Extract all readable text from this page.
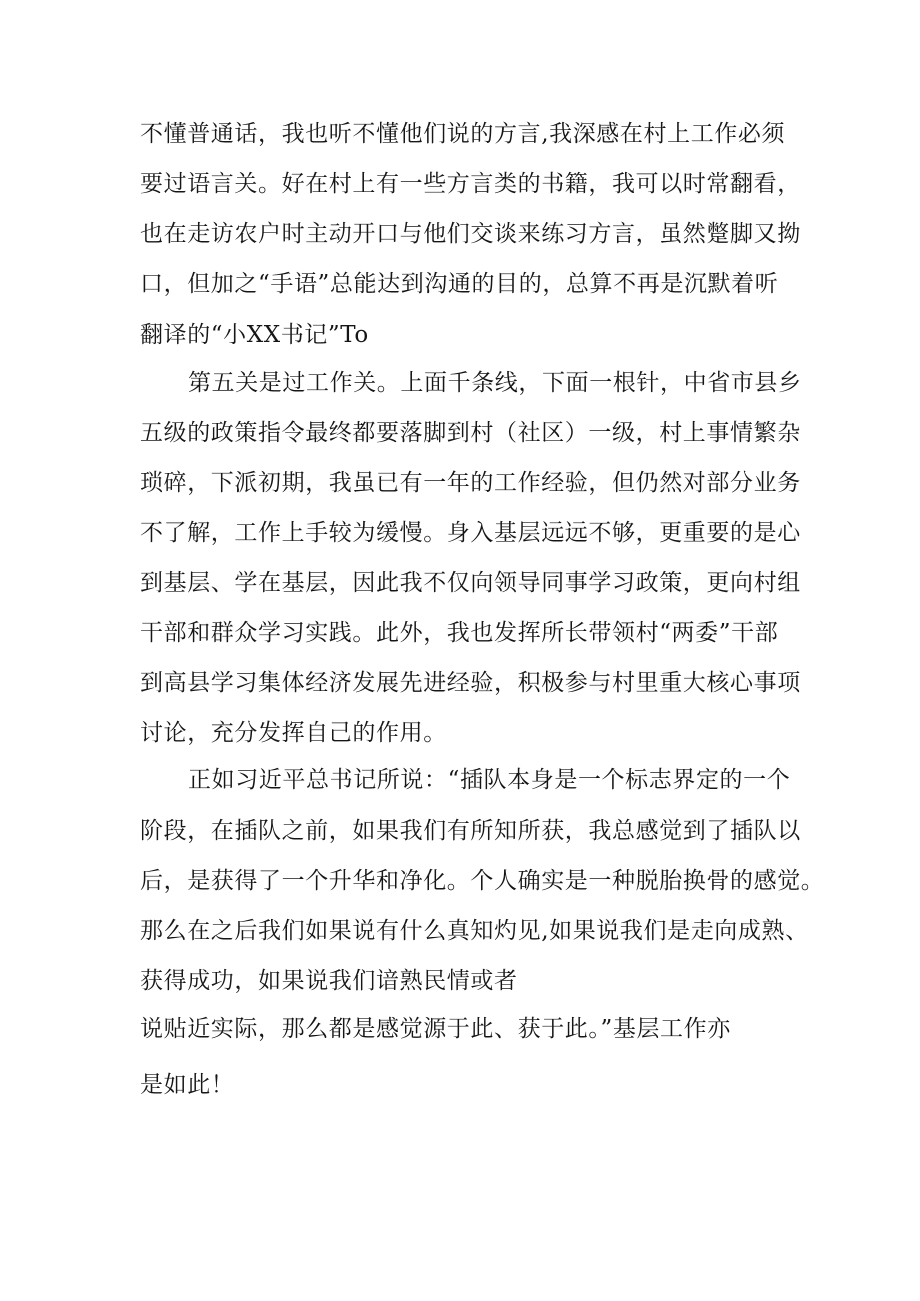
不懂普通话，我也听不懂他们说的方言,我深感在村上工作必须
要过语言关。好在村上有一些方言类的书籍，我可以时常翻看，
也在走访农户时主动开口与他们交谈来练习方言，虽然蹩脚又拗
口，但加之“手语”总能达到沟通的目的，总算不再是沉默着听
翻译的“小XX书记”To
第五关是过工作关。上面千条线，下面一根针，中省市县乡
五级的政策指令最终都要落脚到村（社区）一级，村上事情繁杂
琐碎，下派初期，我虽已有一年的工作经验，但仍然对部分业务
不了解，工作上手较为缓慢。身入基层远远不够，更重要的是心
到基层、学在基层，因此我不仅向领导同事学习政策，更向村组
干部和群众学习实践。此外，我也发挥所长带领村“两委”干部
到高县学习集体经济发展先进经验，积极参与村里重大核心事项
讨论，充分发挥自己的作用。
正如习近平总书记所说：“插队本身是一个标志界定的一个
阶段，在插队之前，如果我们有所知所获，我总感觉到了插队以
后，是获得了一个升华和净化。个人确实是一种脱胎换骨的感觉。
那么在之后我们如果说有什么真知灼见,如果说我们是走向成熟、
获得成功，如果说我们谙熟民情或者
说贴近实际，那么都是感觉源于此、获于此。”基层工作亦
是如此！
